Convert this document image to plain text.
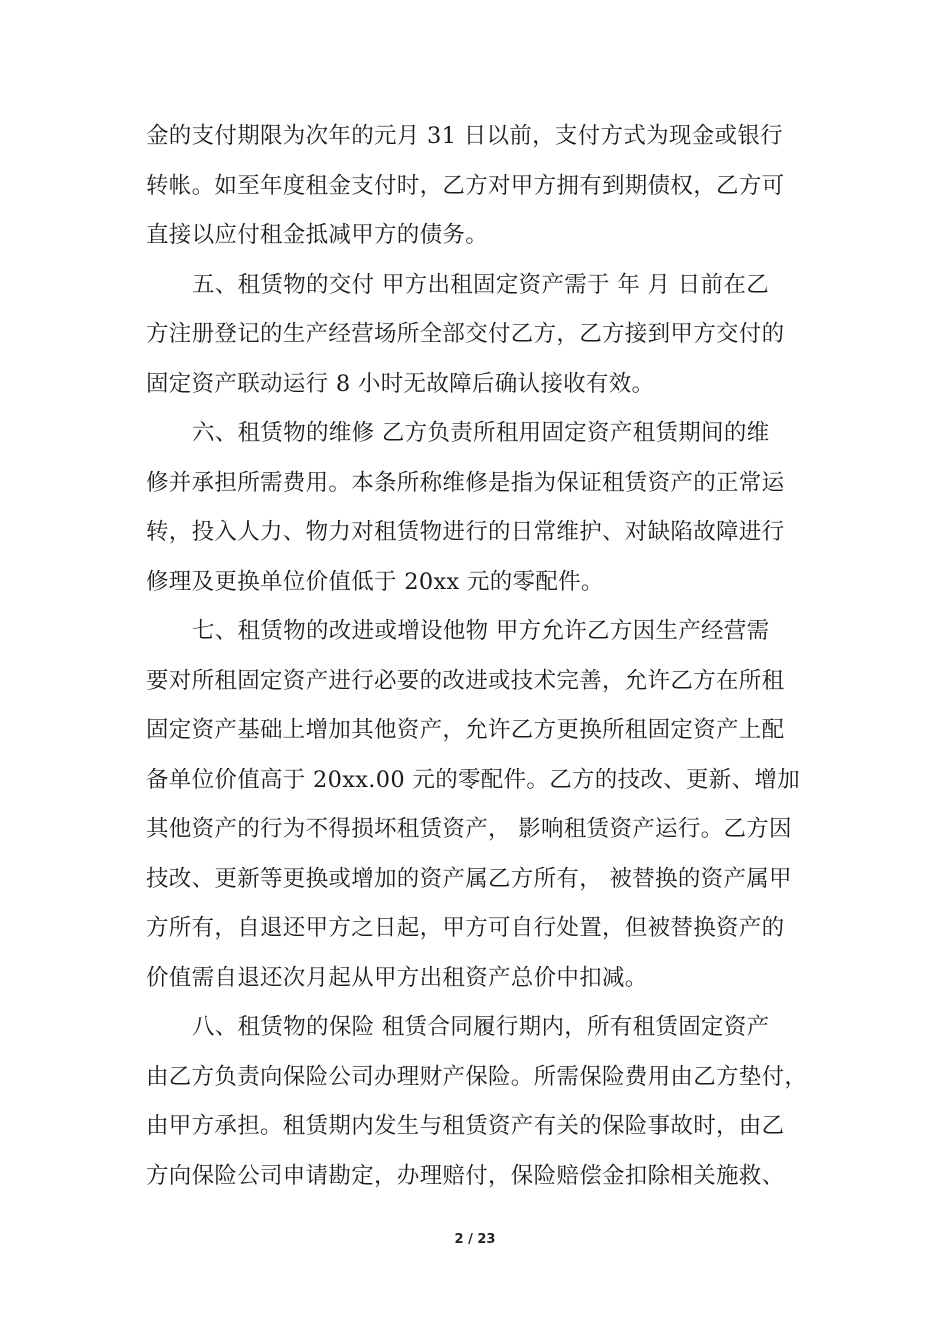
金的支付期限为次年的元月 31 日以前，支付方式为现金或银行
转帐。如至年度租金支付时，乙方对甲方拥有到期债权，乙方可
直接以应付租金抵减甲方的债务。
五、租赁物的交付 甲方出租固定资产需于 年 月 日前在乙
方注册登记的生产经营场所全部交付乙方，乙方接到甲方交付的
固定资产联动运行 8 小时无故障后确认接收有效。
六、租赁物的维修 乙方负责所租用固定资产租赁期间的维
修并承担所需费用。本条所称维修是指为保证租赁资产的正常运
转，投入人力、物力对租赁物进行的日常维护、对缺陷故障进行
修理及更换单位价值低于 20xx 元的零配件。
七、租赁物的改进或增设他物 甲方允许乙方因生产经营需
要对所租固定资产进行必要的改进或技术完善，允许乙方在所租
固定资产基础上增加其他资产，允许乙方更换所租固定资产上配
备单位价值高于 20xx.00 元的零配件。乙方的技改、更新、增加
其他资产的行为不得损坏租赁资产， 影响租赁资产运行。乙方因
技改、更新等更换或增加的资产属乙方所有， 被替换的资产属甲
方所有，自退还甲方之日起，甲方可自行处置，但被替换资产的
价值需自退还次月起从甲方出租资产总价中扣减。
八、租赁物的保险 租赁合同履行期内，所有租赁固定资产
由乙方负责向保险公司办理财产保险。所需保险费用由乙方垫付，
由甲方承担。租赁期内发生与租赁资产有关的保险事故时，由乙
方向保险公司申请勘定，办理赔付，保险赔偿金扣除相关施救、
2 / 23
